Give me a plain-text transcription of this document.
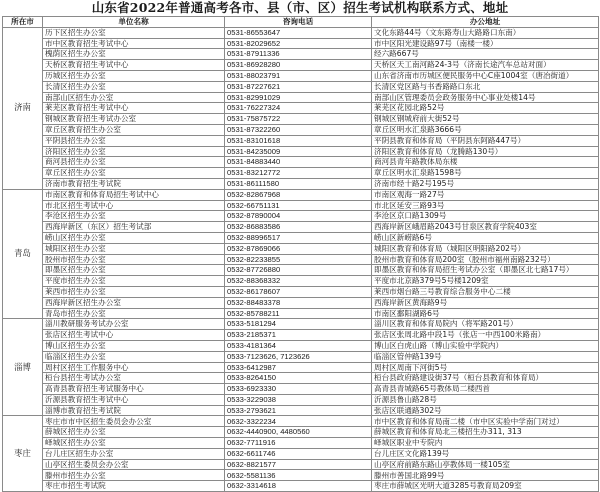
山东省2022年普通高考各市、县（市、区）招生考试机构联系方式、地址
所在市	单位名称	咨询电话	办公地址
济南	历下区招生办公室	0531-86553647	文化东路44号（文东路寿山大路路口东南）
	市中区教育招生考试中心	0531-82029652	市中区阳光建设路97号（南楼一楼）
	槐荫区招生办公室	0531-87911336	经六路667号
	天桥区教育招生考试中心	0531-86928280	天桥区天工南河路24-3号（济南长途汽车总站对面）
	历城区招生办公室	0531-88023791	山东省济南市历城区便民服务中心C座1004室（唐冶街道）
	长清区招生办公室	0531-87227621	长清区党区路与书香路路口东北
	南部山区招生办公室	0531-82991029	南部山区管理委员会政务服务中心事业处楼14号
	莱芜区教育招生考试中心	0531-76227324	莱芜区花园北路52号
	钢城区教育招生考试办公室	0531-75875722	钢城区钢城府前大街52号
	章丘区教育招生办公室	0531-87322260	章丘区明水汇泉路3666号
	平阴县招生办公室	0531-83101618	平阴县教育和体育局（平阴县东阿路447号）
	济阳区招生办公室	0531-84235009	济阳区教育和体育局（龙腾路130号）
	商河县招生办公室	0531-84883440	商河县青年路教体局东楼
	章丘区招生办公室	0531-83212772	章丘区明水汇泉路1598号
	济南市教育招生考试院	0531-86111580	济南市经十路2号195号
青岛	市南区教育和体育局招生考试中心	0532-82867968	市南区观海一路27号
	市北区招生考试中心	0532-66751131	市北区延安三路93号
	李沧区招生办公室	0532-87890004	李沧区京口路1309号
	西海岸新区（东区）招生考试部	0532-86883586	西海岸新区峨眉路2043号甘泉区教育学院403室
	崂山区招生办公室	0532-88996517	崂山区新崂路6号
	城阳区招生办公室	0532-87869066	城阳区教育和体育局（城阳区明阳路202号）
	胶州市招生办公室	0532-82233855	胶州市教育和体育局200室（胶州市福州南路232号）
	即墨区招生办公室	0532-87726880	即墨区教育和体育局招生考试办公室（即墨区北七路17号）
	平度市招生办公室	0532-88368332	平度市北京路379号5号楼1209室
	莱西市招生办公室	0532-86178607	莱西市烟台路三号教育综合服务中心二楼
	西海岸新区招生办公室	0532-88483378	西海岸新区黄海路9号
	青岛市招生办公室	0532-85788211	市南区鄱阳湖路6号
淄博	淄川教研服务考试办公室	0533-5181294	淄川区教育和体育局院内（将军路201号）
	张店区招生考试中心	0533-2185371	张店区张周北路中段1号（张店一中西100米路南）
	博山区招生办公室	0533-4181364	博山区白虎山路（博山实验中学院内）
	临淄区招生办公室	0533-7123626, 7123626	临淄区管仲路139号
	周村区招生工作服务中心	0533-6412987	周村区周南下河街5号
	桓台县招生考试办公室	0533-8264150	桓台县政府路建设街37号（桓台县教育和体育局）
	高青县教育招生考试服务中心	0533-6923330	高青县青城路65号教体局二楼西首
	沂源县教育招生考试中心	0533-3229038	沂源县鲁山路28号
	淄博市教育招生考试院	0533-2793621	张店区联通路302号
枣庄	枣庄市市中区招生委员会办公室	0632-3322234	市中区教育和体育局南二楼（市中区实验中学南门对过）
	薛城区招生办公室	0632-4440900, 4480560	薛城区教育和体育局北三楼招生办311, 313
	峄城区招生办公室	0632-7711916	峄城区职业中专院内
	台儿庄区招生办公室	0632-6611746	台儿庄区文化路139号
	山亭区招生委员会办公室	0632-8821577	山亭区府前路东路山亭教体局一楼105室
	滕州市招生办公室	0632-5581136	滕州市善国北路99号
	枣庄市招生考试院	0632-3314618	枣庄市薛城区光明大道3285号教育局209室
